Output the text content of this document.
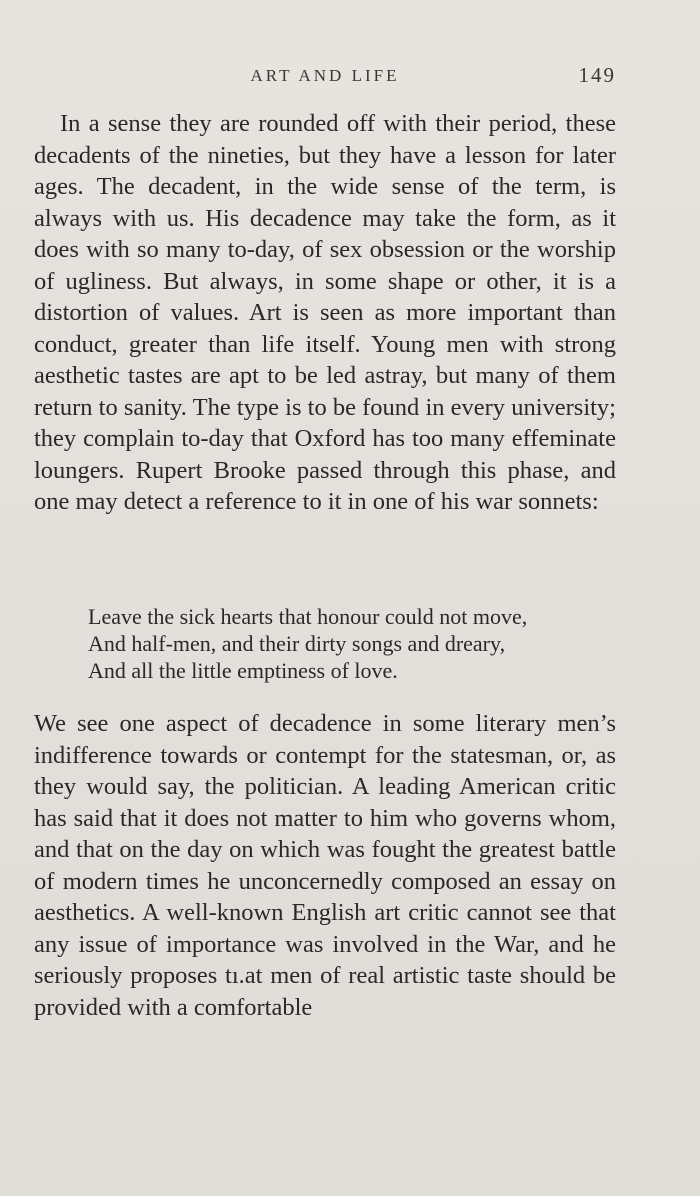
ART AND LIFE	149

In a sense they are rounded off with their period, these decadents of the nineties, but they have a lesson for later ages. The decadent, in the wide sense of the term, is always with us. His decadence may take the form, as it does with so many to-day, of sex obsession or the worship of ugliness. But always, in some shape or other, it is a distortion of values. Art is seen as more important than conduct, greater than life itself. Young men with strong aesthetic tastes are apt to be led astray, but many of them return to sanity. The type is to be found in every university; they complain to-day that Oxford has too many effeminate loungers. Rupert Brooke passed through this phase, and one may detect a reference to it in one of his war sonnets:

Leave the sick hearts that honour could not move,
And half-men, and their dirty songs and dreary,
And all the little emptiness of love.

We see one aspect of decadence in some literary men’s indifference towards or contempt for the statesman, or, as they would say, the politician. A leading American critic has said that it does not matter to him who governs whom, and that on the day on which was fought the greatest battle of modern times he unconcernedly composed an essay on aesthetics. A well-known English art critic cannot see that any issue of importance was involved in the War, and he seriously proposes tı.at men of real artistic taste should be provided with a comfortable
